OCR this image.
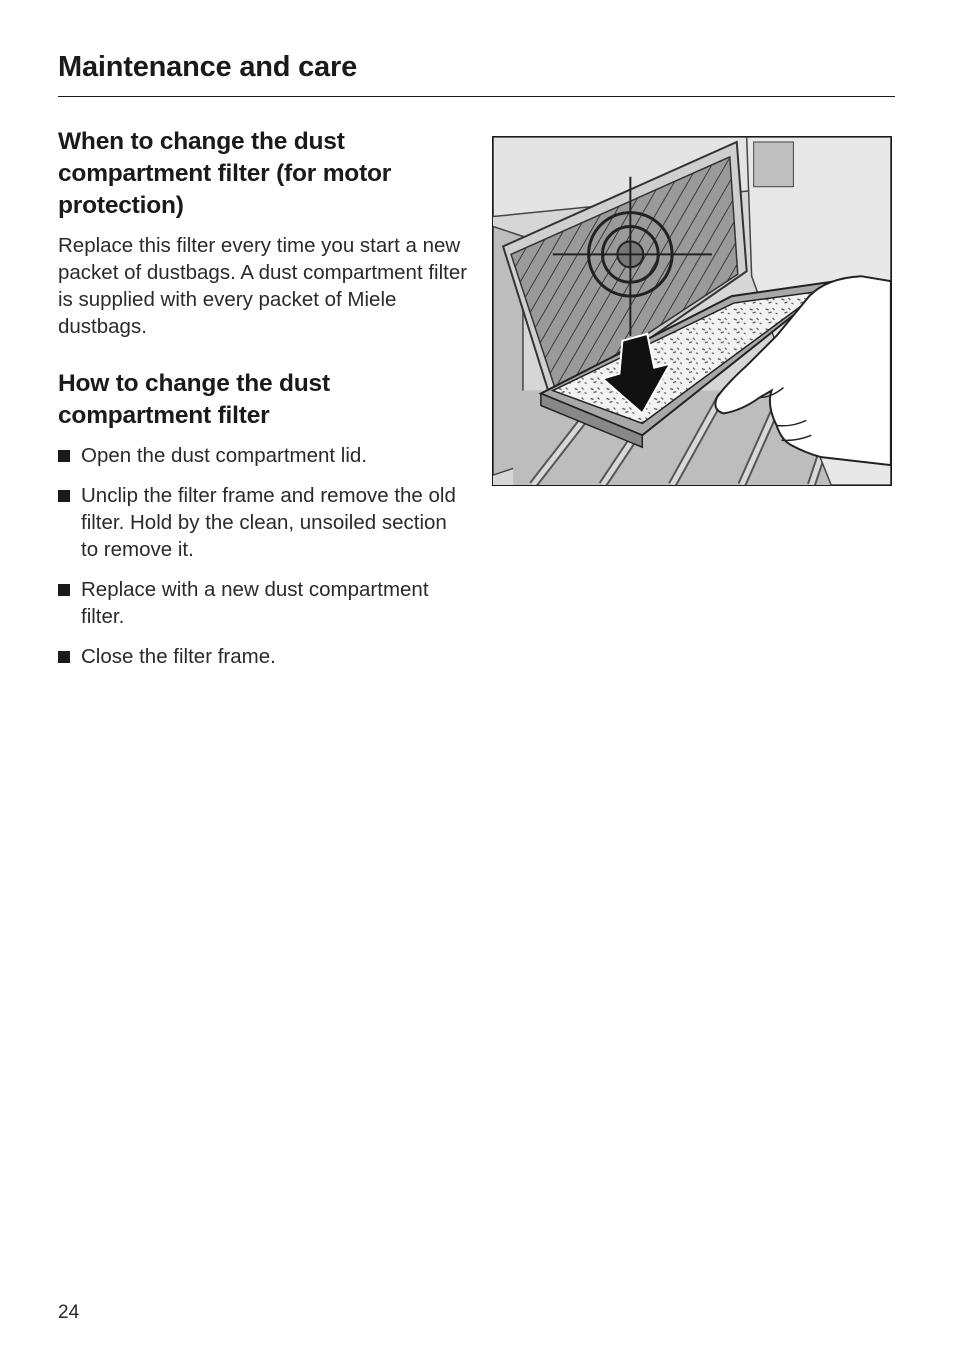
Maintenance and care
When to change the dust compartment filter (for motor protection)

Replace this filter every time you start a new packet of dustbags. A dust compartment filter is supplied with every packet of Miele dustbags.

How to change the dust compartment filter
Open the dust compartment lid.
Unclip the filter frame and remove the old filter. Hold by the clean, unsoiled section to remove it.
Replace with a new dust compartment filter.
Close the filter frame.
24
